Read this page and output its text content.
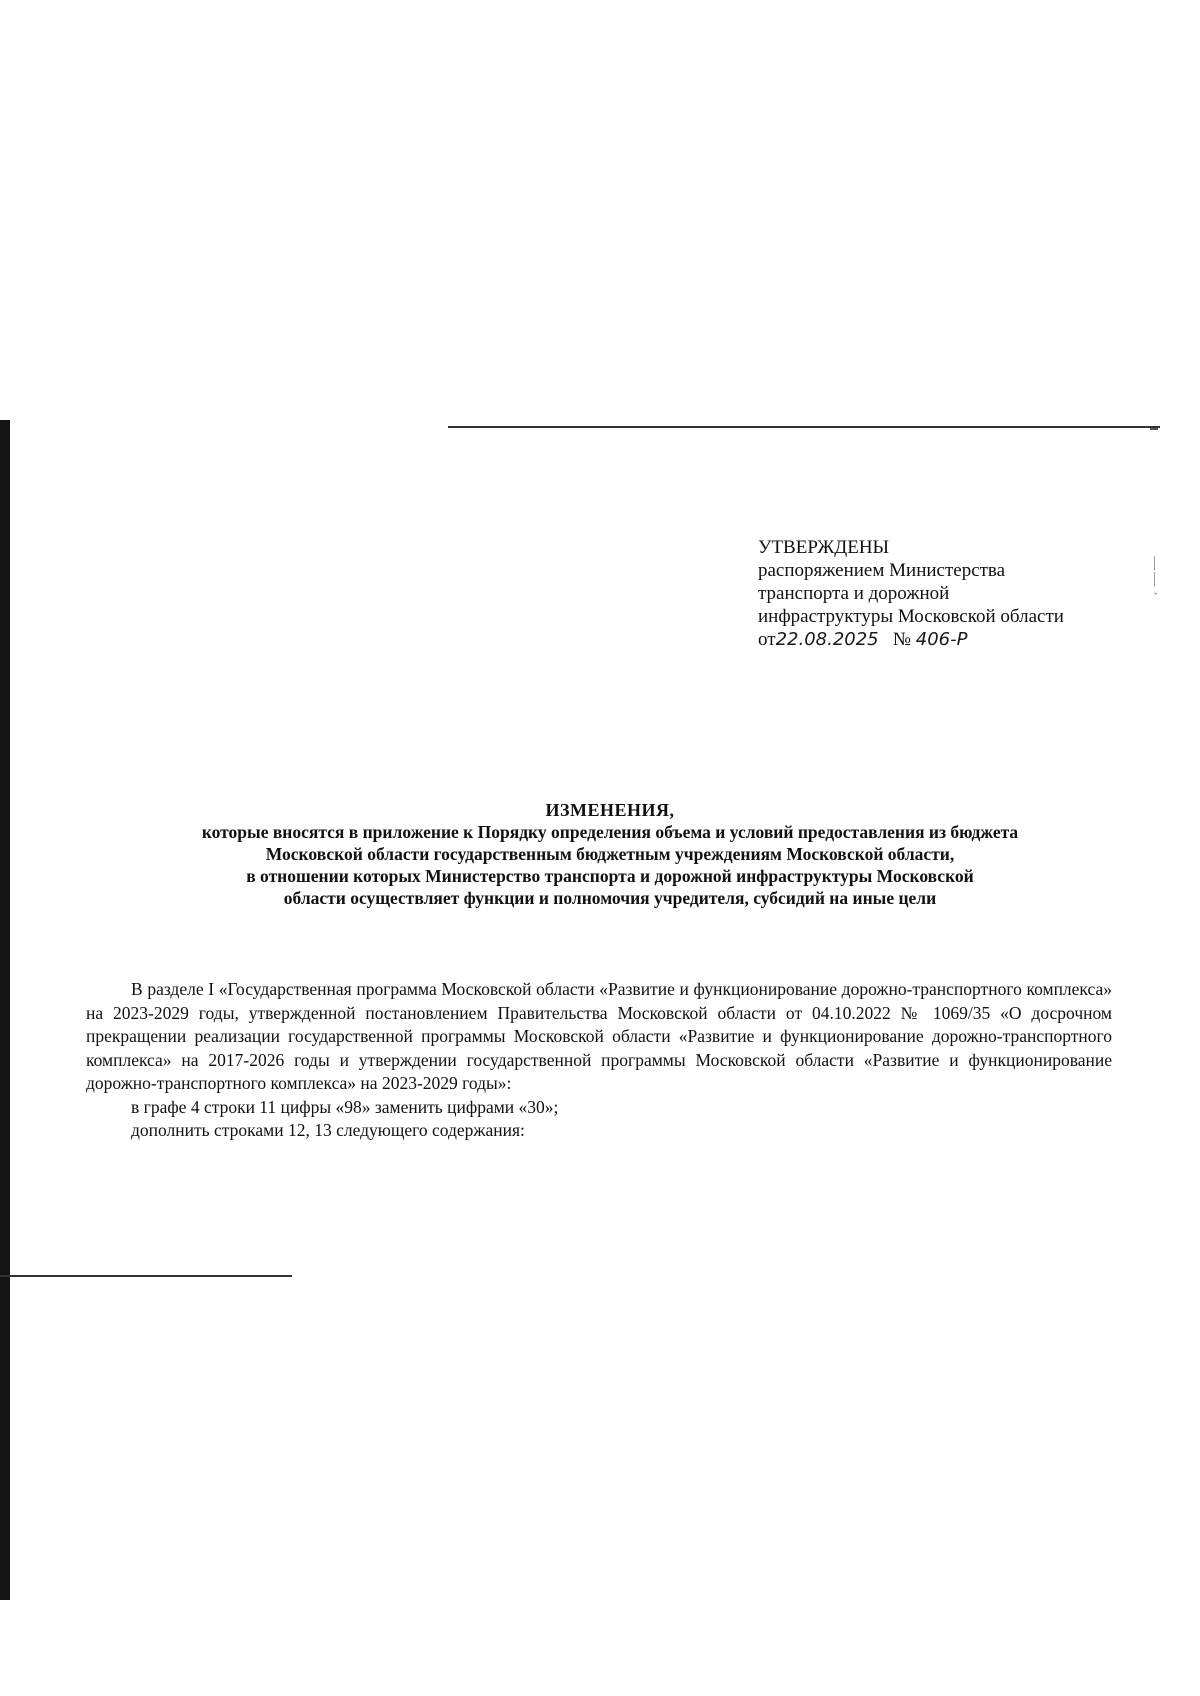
|
|
·
УТВЕРЖДЕНЫ
распоряжением Министерства
транспорта и дорожной
инфраструктуры Московской области
от22.08.2025 № 406-Р
ИЗМЕНЕНИЯ,
которые вносятся в приложение к Порядку определения объема и условий предоставления из бюджета
Московской области государственным бюджетным учреждениям Московской области,
в отношении которых Министерство транспорта и дорожной инфраструктуры Московской
области осуществляет функции и полномочия учредителя, субсидий на иные цели

В разделе I «Государственная программа Московской области «Развитие и функционирование дорожно-транспортного комплекса» на 2023-2029 годы, утвержденной постановлением Правительства Московской области от 04.10.2022 № 1069/35 «О досрочном прекращении реализации государственной программы Московской области «Развитие и функционирование дорожно-транспортного комплекса» на 2017-2026 годы и утверждении государственной программы Московской области «Развитие и функционирование дорожно-транспортного комплекса» на 2023-2029 годы»:

в графе 4 строки 11 цифры «98» заменить цифрами «30»;
дополнить строками 12, 13 следующего содержания:
